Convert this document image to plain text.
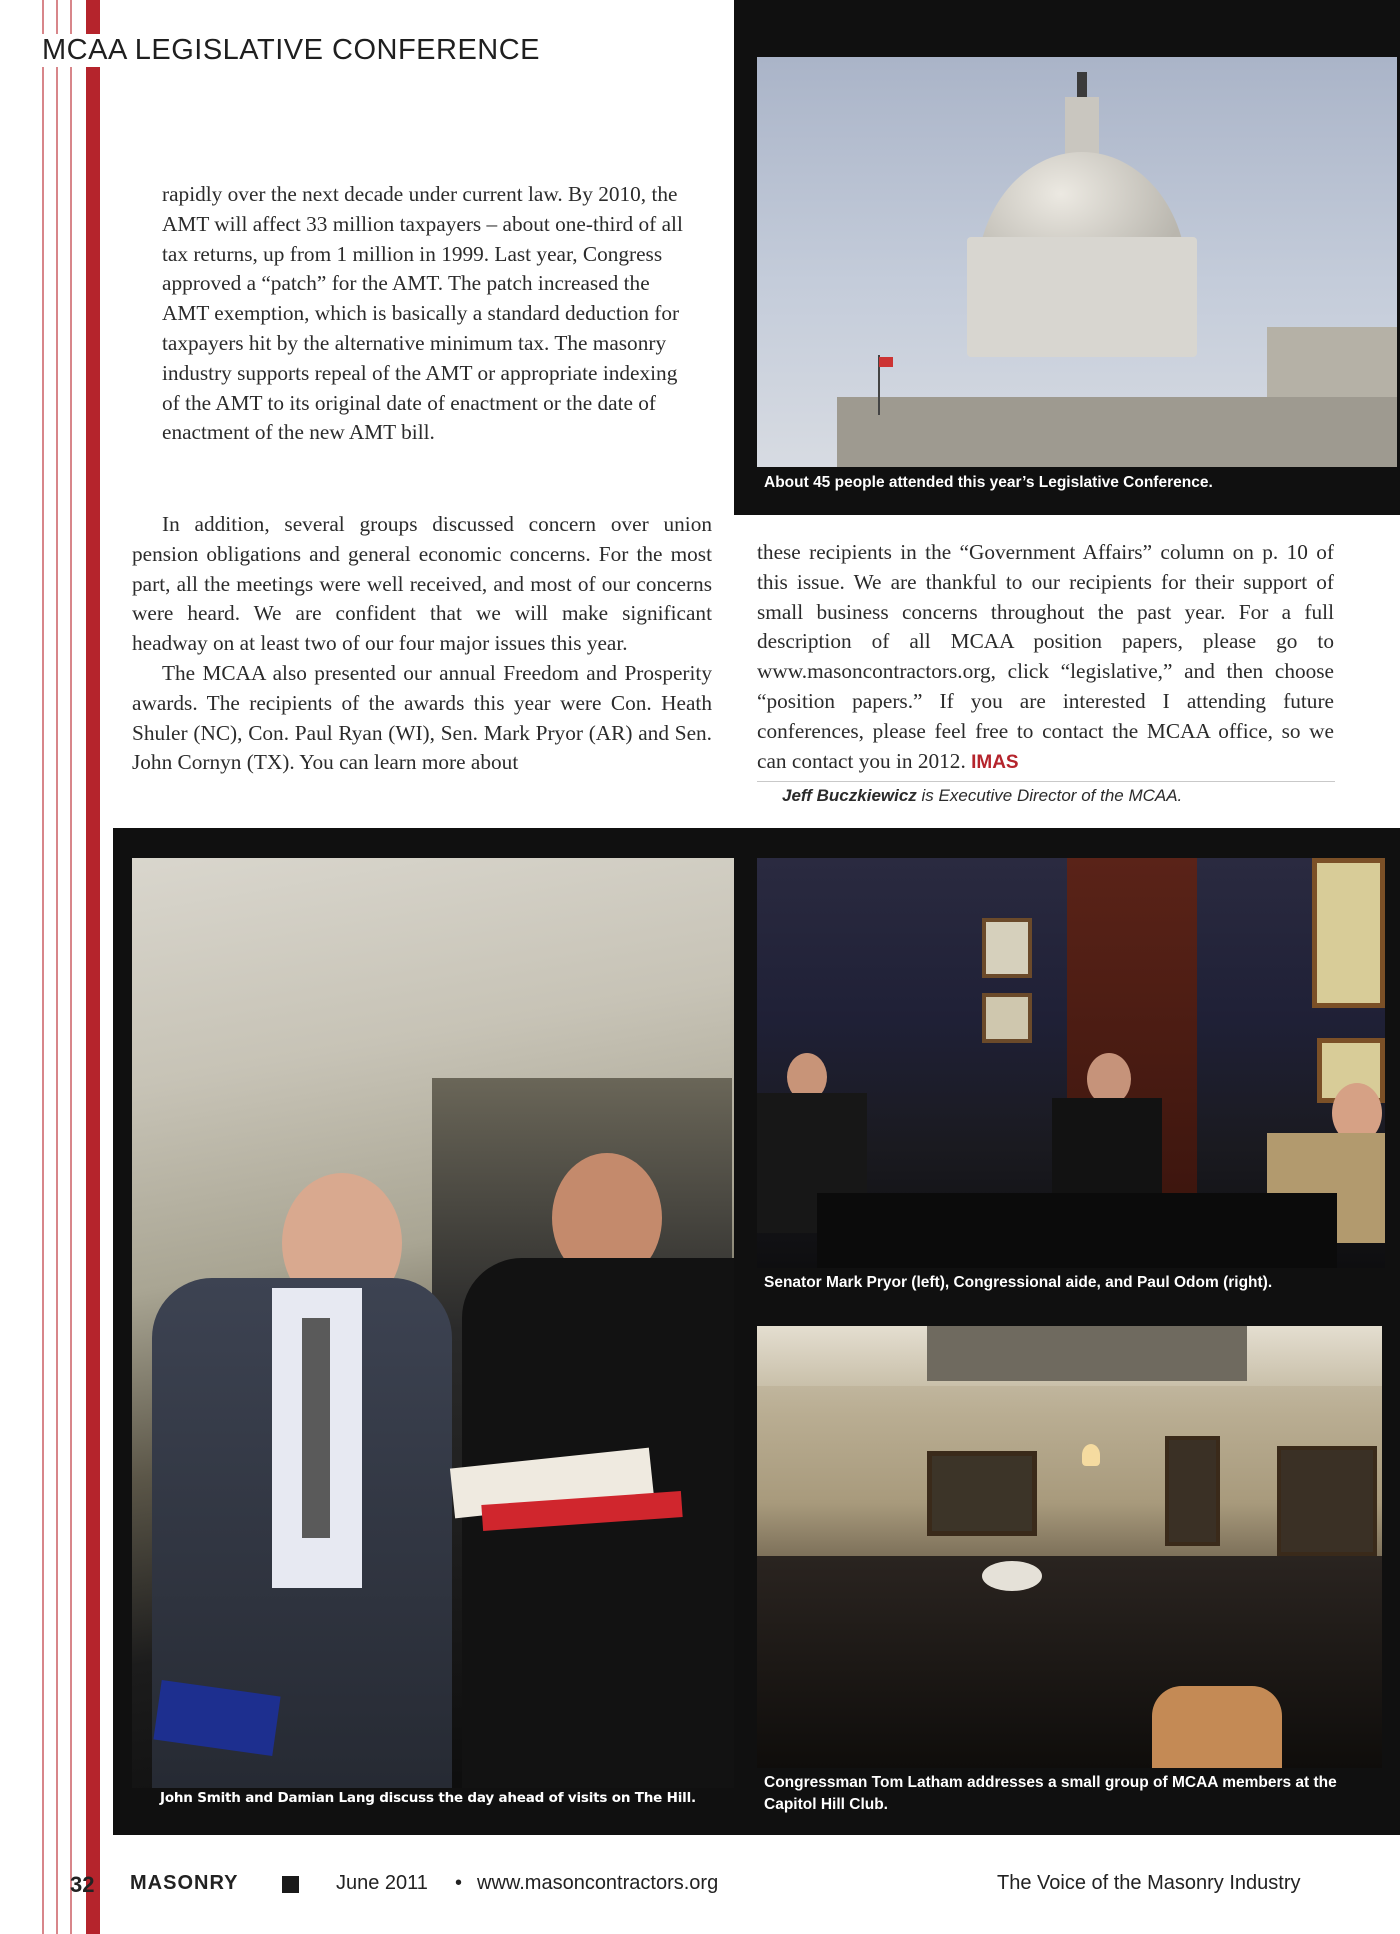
MCAA LEGISLATIVE CONFERENCE
About 45 people attended this year’s Legislative Conference.

rapidly over the next decade under current law. By 2010, the AMT will affect 33 million taxpayers – about one-third of all tax returns, up from 1 million in 1999. Last year, Congress approved a “patch” for the AMT. The patch increased the AMT exemption, which is basically a standard deduction for taxpayers hit by the alternative minimum tax. The masonry industry supports repeal of the AMT or appropriate indexing of the AMT to its original date of enactment or the date of enactment of the new AMT bill.

In addition, several groups discussed concern over union pension obligations and general economic concerns. For the most part, all the meetings were well received, and most of our concerns were heard. We are confident that we will make significant headway on at least two of our four major issues this year.

The MCAA also presented our annual Freedom and Prosperity awards. The recipients of the awards this year were Con. Heath Shuler (NC), Con. Paul Ryan (WI), Sen. Mark Pryor (AR) and Sen. John Cornyn (TX). You can learn more about

these recipients in the “Government Affairs” column on p. 10 of this issue. We are thankful to our recipients for their support of small business concerns throughout the past year. For a full description of all MCAA position papers, please go to www.masoncontractors.org, click “legislative,” and then choose “position papers.” If you are interested I attending future conferences, please feel free to contact the MCAA office, so we can contact you in 2012. IMAS

Jeff Buczkiewicz is Executive Director of the MCAA.
John Smith and Damian Lang discuss the day ahead of visits on The Hill.
Senator Mark Pryor (left), Congressional aide, and Paul Odom (right).
Congressman Tom Latham addresses a small group of MCAA members at the Capitol Hill Club.
32 MASONRY	June 2011 • www.masoncontractors.org	The Voice of the Masonry Industry
